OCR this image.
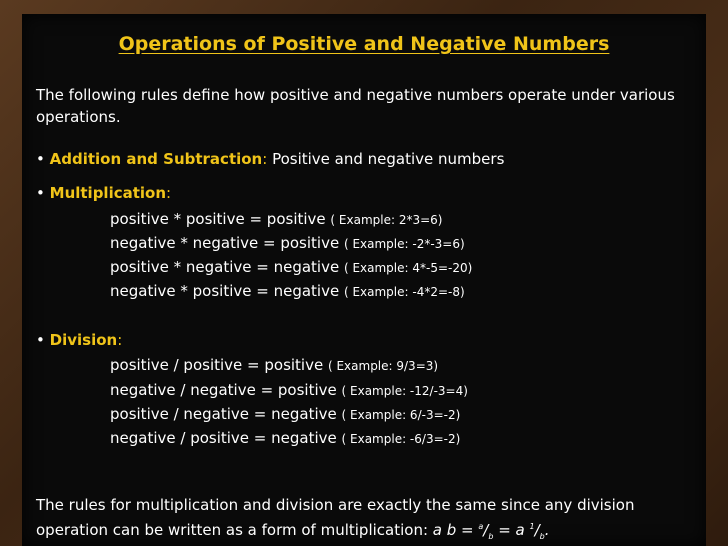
Operations of Positive and Negative Numbers
The following rules define how positive and negative numbers operate under various operations.
• Addition and Subtraction: Positive and negative numbers
• Multiplication:
positive * positive = positive ( Example: 2*3=6)
negative * negative = positive ( Example: -2*-3=6)
positive * negative = negative ( Example: 4*-5=-20)
negative * positive = negative ( Example: -4*2=-8)
• Division:
positive / positive = positive ( Example: 9/3=3)
negative / negative = positive ( Example: -12/-3=4)
positive / negative = negative ( Example: 6/-3=-2)
negative / positive = negative ( Example: -6/3=-2)
The rules for multiplication and division are exactly the same since any division operation can be written as a form of multiplication: a $b = ^a/_b = a$ $^1/_b$.
